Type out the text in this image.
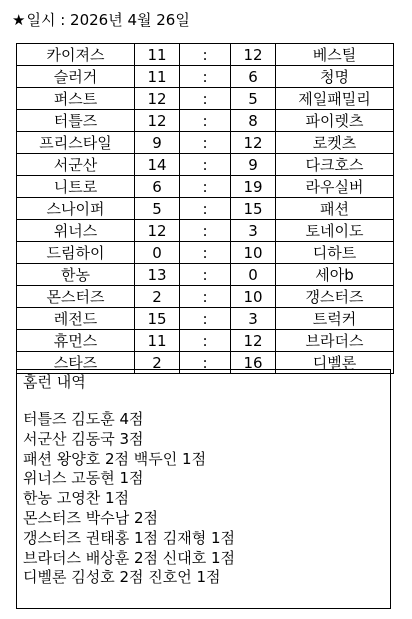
★일시 : 2026년 4월 26일
카이져스	11	:	12	베스틸
슬러거	11	:	6	청명
퍼스트	12	:	5	제일패밀리
터틀즈	12	:	8	파이렛츠
프리스타일	9	:	12	로켓츠
서군산	14	:	9	다크호스
니트로	6	:	19	라우실버
스나이퍼	5	:	15	패션
위너스	12	:	3	토네이도
드림하이	0	:	10	디하트
한농	13	:	0	세아b
몬스터즈	2	:	10	갱스터즈
레전드	15	:	3	트럭커
휴먼스	11	:	12	브라더스
스타즈	2	:	16	디벨론
홈런 내역
터틀즈 김도훈 4점
서군산 김동국 3점
패션 왕양호 2점 백두인 1점
위너스 고동현 1점
한농 고영찬 1점
몬스터즈 박수남 2점
갱스터즈 권태홍 1점 김재형 1점
브라더스 배상훈 2점 신대호 1점
디벨론 김성호 2점 진호언 1점
